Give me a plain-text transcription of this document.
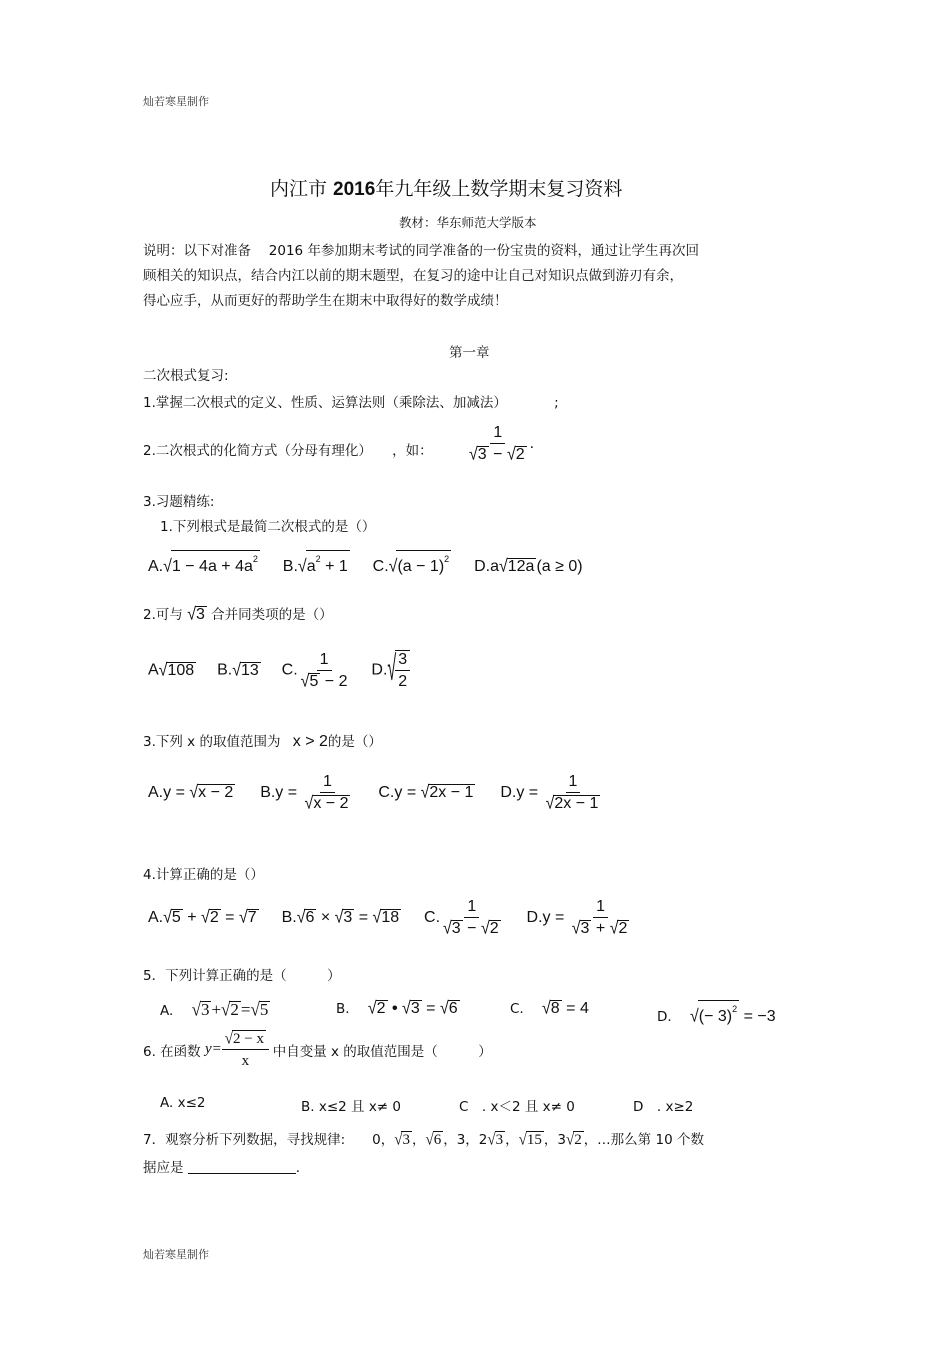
灿若寒星制作
内江市 2016年九年级上数学期末复习资料
教材：华东师范大学版本
说明：以下对准备　 2016 年参加期末考试的同学准备的一份宝贵的资料，通过让学生再次回
顾相关的知识点，结合内江以前的期末题型，在复习的途中让自己对知识点做到游刃有余，
得心应手，从而更好的帮助学生在期末中取得好的数学成绩！
第一章
二次根式复习:
1.掌握二次根式的定义、性质、运算法则（乘除法、加减法）　　　　;
2.二次根式的化简方式（分母有理化）　　，如： $\frac{1}{√3 - √2}$ .
3.习题精练:
1.下列根式是最简二次根式的是（）
$A.√1 - 4a + 4a^2$ $B.√a^2 + 1$ $C.√(a - 1)^2$ D.a√12a (a ≥ 0)
2.可与 √3 合并同类项的是（）
A√108 B.√13 C. $\frac{1}{√5 - 2} D.√ \frac{3}{2}$
3.下列 x 的取值范围为 x > 2的是（）
A.y = √x − 2 $B.y = \frac{1}{√x - 2} C.y = √2x - 1$ $D.y = \frac{1}{√2x - 1}$
4.计算正确的是（）
A.√5 + √2 = √7 B.√6 × √3 = √18 C. $\frac{1}{√3 - √2} D.y = \frac{1}{√3 + √2}$
5．下列计算正确的是（　　　）
A. √3 +√2 =√5	B. √2 • √3 = √6	C. √8 = 4	D. √(− 3)$^2$ = −3
6. 在函数 $y= \frac{√2 - x}{x}$ 中自变量 x 的取值范围是（　　　）
A. x≤2	B. x≤2 且 x≠ 0	C　. x＜2 且 x≠ 0	D　. x≥2
7．观察分析下列数据，寻找规律:　　0，√3 ，√6 ，3，2√3 ，√15 ，3√2 ，…那么第 10 个数
据应是	.
灿若寒星制作
